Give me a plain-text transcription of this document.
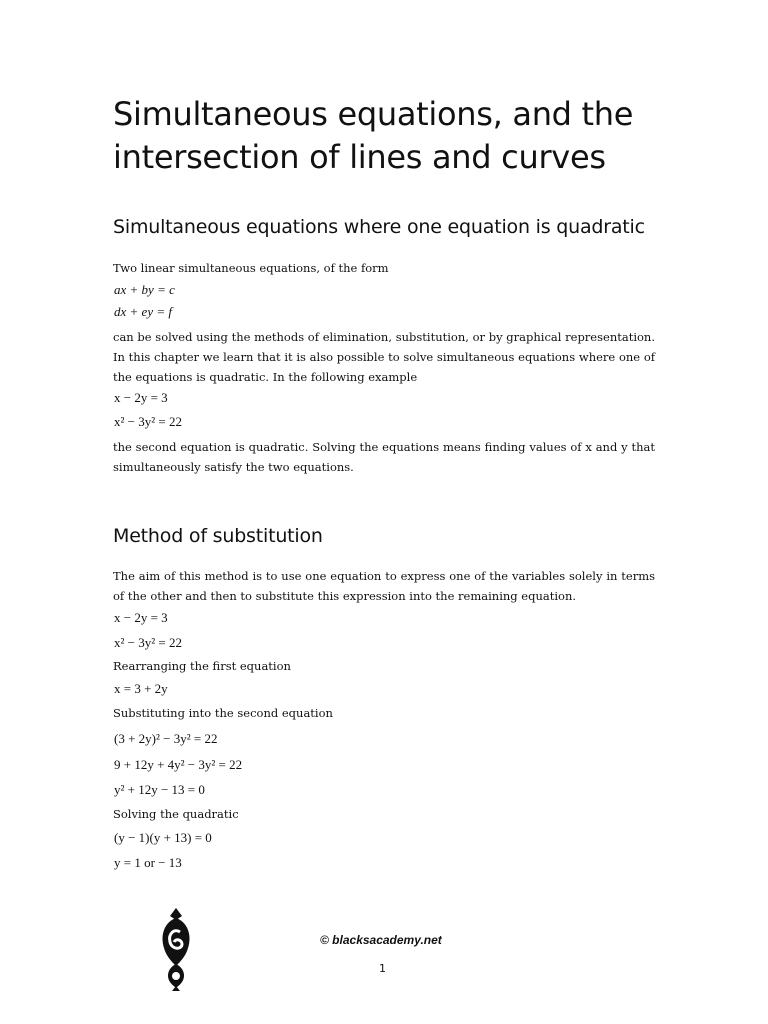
Simultaneous equations, and the intersection of lines and curves
Simultaneous equations where one equation is quadratic

Two linear simultaneous equations, of the form

ax + by = c

dx + ey = f

can be solved using the methods of elimination, substitution, or by graphical representation. In this chapter we learn that it is also possible to solve simultaneous equations where one of the equations is quadratic. In the following example

x − 2y = 3

x² − 3y² = 22

the second equation is quadratic. Solving the equations means finding values of x and y that simultaneously satisfy the two equations.

Method of substitution

The aim of this method is to use one equation to express one of the variables solely in terms of the other and then to substitute this expression into the remaining equation.

x − 2y = 3

x² − 3y² = 22

Rearranging the first equation

x = 3 + 2y

Substituting into the second equation

(3 + 2y)² − 3y² = 22

9 + 12y + 4y² − 3y² = 22

y² + 12y − 13 = 0

Solving the quadratic

(y − 1)(y + 13) = 0

y = 1 or − 13

© blacksacademy.net
1
